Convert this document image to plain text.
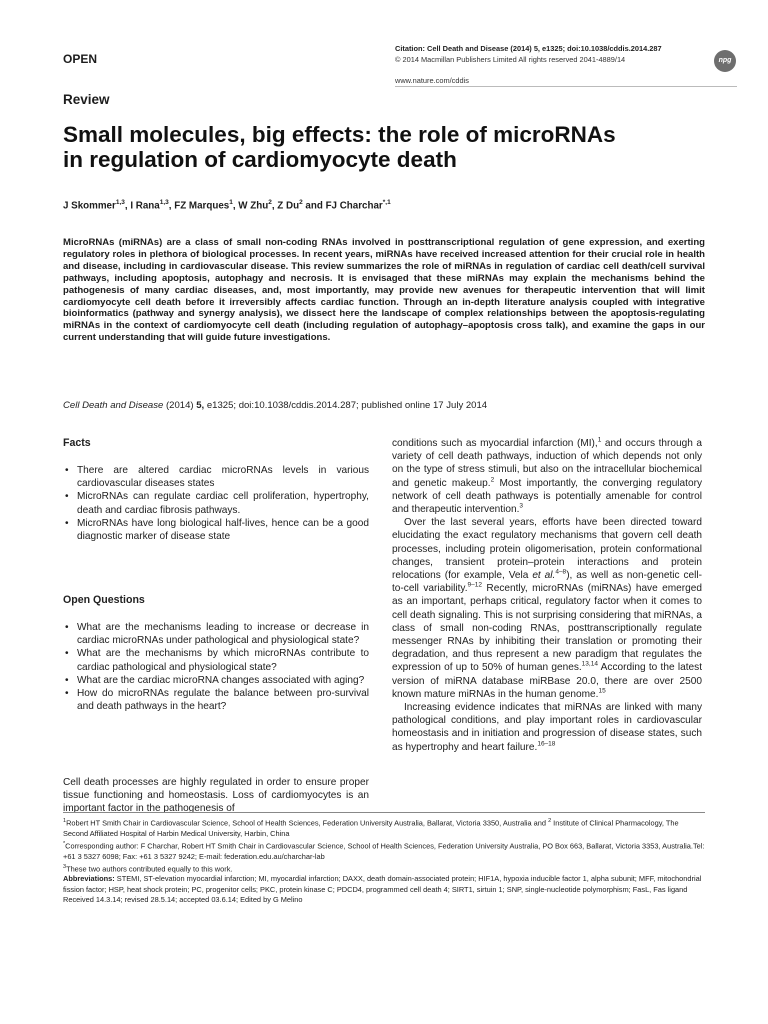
OPEN
Citation: Cell Death and Disease (2014) 5, e1325; doi:10.1038/cddis.2014.287
© 2014 Macmillan Publishers Limited All rights reserved 2041-4889/14
www.nature.com/cddis
npg
Review
Small molecules, big effects: the role of microRNAs
in regulation of cardiomyocyte death
J Skommer$^{1,3}$, I Rana$^{1,3}$, FZ Marques$^1$, W Zhu$^2$, Z Du$^2$ and FJ Charchar$^{*,1}$
MicroRNAs (miRNAs) are a class of small non-coding RNAs involved in posttranscriptional regulation of gene expression, and exerting regulatory roles in plethora of biological processes. In recent years, miRNAs have received increased attention for their crucial role in health and disease, including in cardiovascular disease. This review summarizes the role of miRNAs in regulation of cardiac cell death/cell survival pathways, including apoptosis, autophagy and necrosis. It is envisaged that these miRNAs may explain the mechanisms behind the pathogenesis of many cardiac diseases, and, most importantly, may provide new avenues for therapeutic intervention that will limit cardiomyocyte cell death before it irreversibly affects cardiac function. Through an in-depth literature analysis coupled with integrative bioinformatics (pathway and synergy analysis), we dissect here the landscape of complex relationships between the apoptosis-regulating miRNAs in the context of cardiomyocyte cell death (including regulation of autophagy–apoptosis cross talk), and examine the gaps in our current understanding that will guide future investigations.
Cell Death and Disease (2014) 5, e1325; doi:10.1038/cddis.2014.287; published online 17 July 2014
Facts
• There are altered cardiac microRNAs levels in various cardiovascular diseases states
• MicroRNAs can regulate cardiac cell proliferation, hypertrophy, death and cardiac fibrosis pathways.
• MicroRNAs have long biological half-lives, hence can be a good diagnostic marker of disease state
Open Questions
• What are the mechanisms leading to increase or decrease in cardiac microRNAs under pathological and physiological state?
• What are the mechanisms by which microRNAs contribute to cardiac pathological and physiological state?
• What are the cardiac microRNA changes associated with aging?
• How do microRNAs regulate the balance between pro-survival and death pathways in the heart?
Cell death processes are highly regulated in order to ensure proper tissue functioning and homeostasis. Loss of cardiomyocytes is an important factor in the pathogenesis of

conditions such as myocardial infarction (MI),$^1$ and occurs through a variety of cell death pathways, induction of which depends not only on the type of stress stimuli, but also on the intracellular biochemical and genetic makeup.$^2$ Most importantly, the converging regulatory network of cell death pathways is potentially amenable for control and therapeutic intervention.$^3$

Over the last several years, efforts have been directed toward elucidating the exact regulatory mechanisms that govern cell death processes, including protein oligomerisation, protein conformational changes, transient protein–protein interactions and protein relocations (for example, Vela et al.$^{4-8}$), as well as non-genetic cell-to-cell variability.$^{9-12}$ Recently, microRNAs (miRNAs) have emerged as an important, perhaps critical, regulatory factor when it comes to cell death signaling. This is not surprising considering that miRNAs, a class of small non-coding RNAs, posttranscriptionally regulate messenger RNAs by inhibiting their translation or promoting their degradation, and thus represent a new paradigm that regulates the expression of up to 50% of human genes.$^{13,14}$ According to the latest version of miRNA database miRBase 20.0, there are over 2500 known mature miRNAs in the human genome.$^{15}$

Increasing evidence indicates that miRNAs are linked with many pathological conditions, and play important roles in cardiovascular homeostasis and in initiation and progression of disease states, such as hypertrophy and heart failure.$^{16-18}$

$^1$Robert HT Smith Chair in Cardiovascular Science, School of Health Sciences, Federation University Australia, Ballarat, Victoria 3350, Australia and $^2$ Institute of Clinical Pharmacology, The Second Affiliated Hospital of Harbin Medical University, Harbin, China

*Corresponding author: F Charchar, Robert HT Smith Chair in Cardiovascular Science, School of Health Sciences, Federation University Australia, PO Box 663, Ballarat, Victoria 3353, Australia.Tel: +61 3 5327 6098; Fax: +61 3 5327 9242; E-mail: federation.edu.au/charchar-lab

$^3$These two authors contributed equally to this work.

Abbreviations: STEMI, ST-elevation myocardial infarction; MI, myocardial infarction; DAXX, death domain-associated protein; HIF1A, hypoxia inducible factor 1, alpha subunit; MFF, mitochondrial fission factor; HSP, heat shock protein; PC, progenitor cells; PKC, protein kinase C; PDCD4, programmed cell death 4; SIRT1, sirtuin 1; SNP, single-nucleotide polymorphism; FasL, Fas ligand

Received 14.3.14; revised 28.5.14; accepted 03.6.14; Edited by G Melino
